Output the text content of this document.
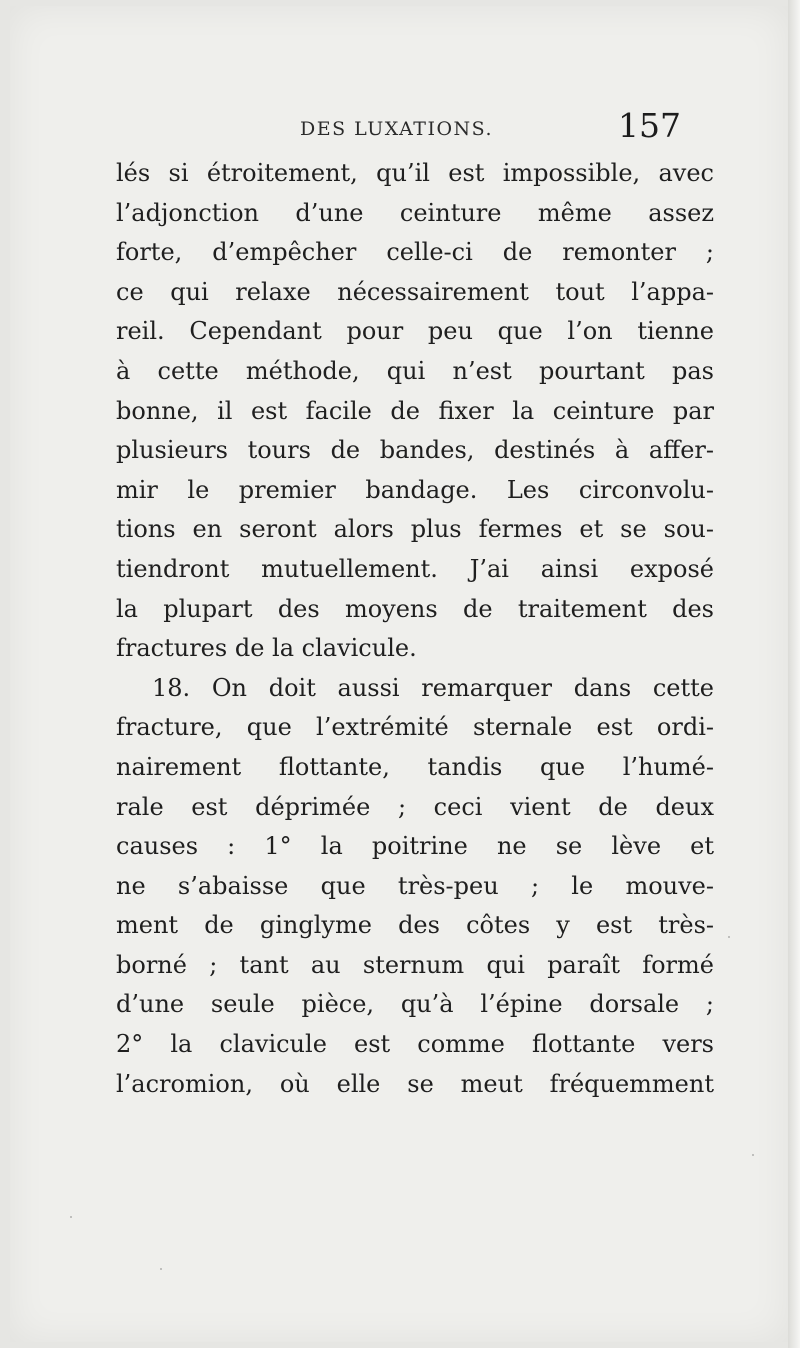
DES LUXATIONS.	157
lés si étroitement, qu’il est impossible, avec
l’adjonction d’une ceinture même assez
forte, d’empêcher celle-ci de remonter ;
ce qui relaxe nécessairement tout l’appa-
reil. Cependant pour peu que l’on tienne
à cette méthode, qui n’est pourtant pas
bonne, il est facile de fixer la ceinture par
plusieurs tours de bandes, destinés à affer-
mir le premier bandage. Les circonvolu-
tions en seront alors plus fermes et se sou-
tiendront mutuellement. J’ai ainsi exposé
la plupart des moyens de traitement des
fractures de la clavicule.
18. On doit aussi remarquer dans cette
fracture, que l’extrémité sternale est ordi-
nairement flottante, tandis que l’humé-
rale est déprimée ; ceci vient de deux
causes : 1° la poitrine ne se lève et
ne s’abaisse que très-peu ; le mouve-
ment de ginglyme des côtes y est très-
borné ; tant au sternum qui paraît formé
d’une seule pièce, qu’à l’épine dorsale ;
2° la clavicule est comme flottante vers
l’acromion, où elle se meut fréquemment
